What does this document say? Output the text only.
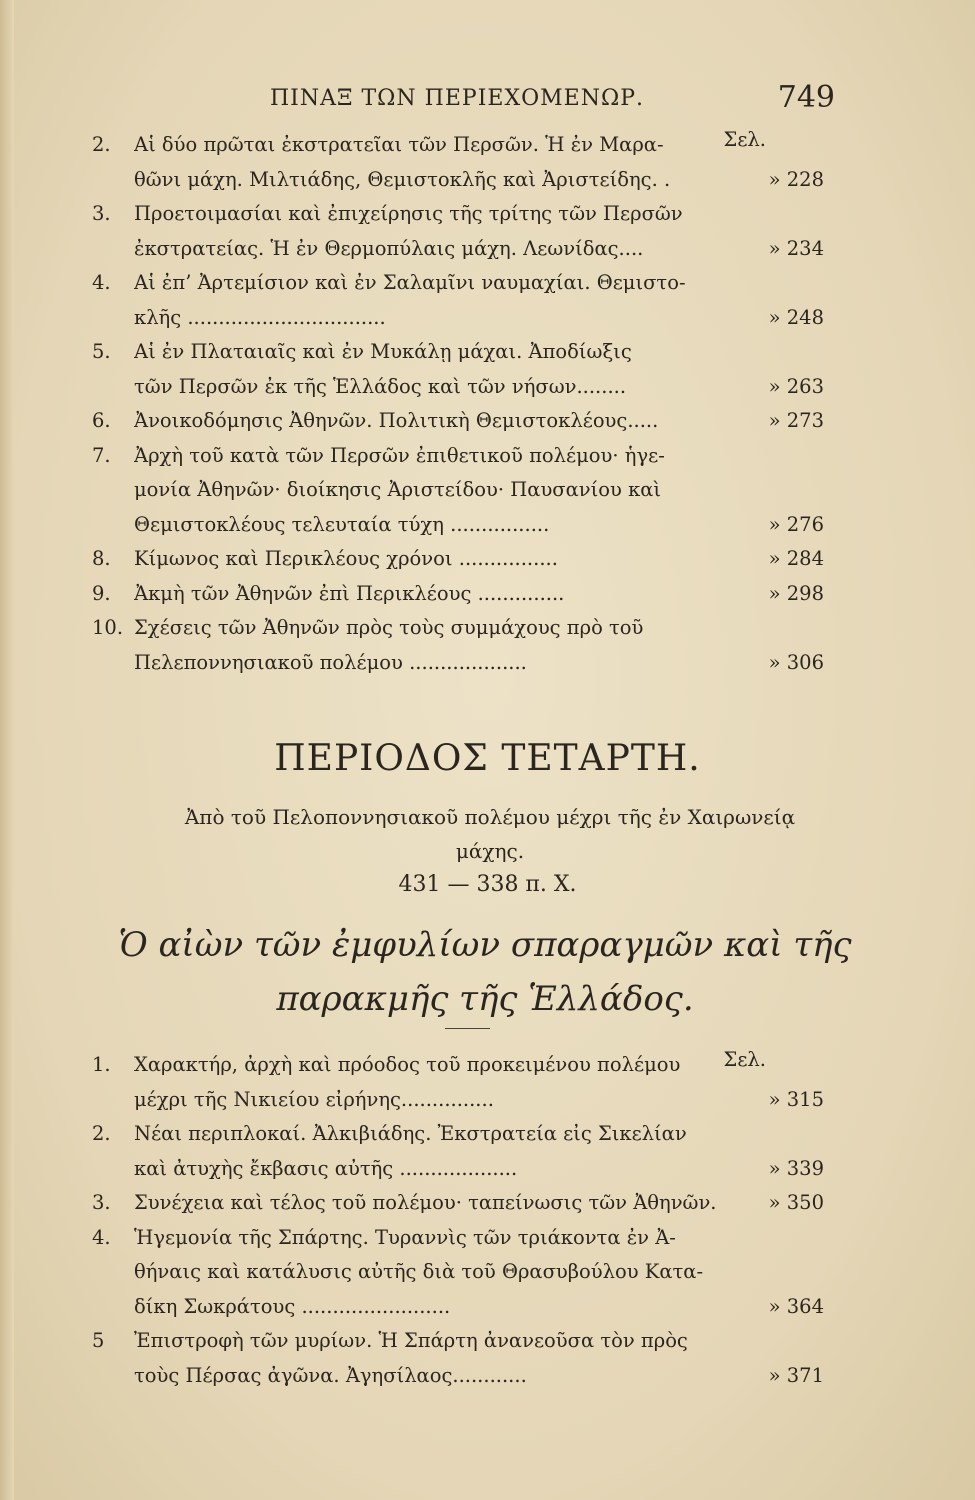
ΠΙΝΑΞ ΤΩΝ ΠΕΡΙΕΧΟΜΕΝΩΡ.	749
Σελ.
2.	Αἱ δύο πρῶται ἐκστρατεῖαι τῶν Περσῶν. Ἡ ἐν Μαρα-
θῶνι μάχη. Μιλτιάδης, Θεμιστοκλῆς καὶ Ἀριστείδης. .	» 228
3.	Προετοιμασίαι καὶ ἐπιχείρησις τῆς τρίτης τῶν Περσῶν
ἐκστρατείας. Ἡ ἐν Θερμοπύλαις μάχη. Λεωνίδας....	» 234
4.	Αἱ ἐπ’ Ἀρτεμίσιον καὶ ἐν Σαλαμῖνι ναυμαχίαι. Θεμιστο-
κλῆς ................................	» 248
5.	Αἱ ἐν Πλαταιαῖς καὶ ἐν Μυκάλῃ μάχαι. Ἀποδίωξις
τῶν Περσῶν ἐκ τῆς Ἑλλάδος καὶ τῶν νήσων........	» 263
6.	Ἀνοικοδόμησις Ἀθηνῶν. Πολιτικὴ Θεμιστοκλέους.....	» 273
7.	Ἀρχὴ τοῦ κατὰ τῶν Περσῶν ἐπιθετικοῦ πολέμου· ἡγε-
μονία Ἀθηνῶν· διοίκησις Ἀριστείδου· Παυσανίου καὶ
Θεμιστοκλέους τελευταία τύχη ................	» 276
8.	Κίμωνος καὶ Περικλέους χρόνοι ................	» 284
9.	Ἀκμὴ τῶν Ἀθηνῶν ἐπὶ Περικλέους ..............	» 298
10. Σχέσεις τῶν Ἀθηνῶν πρὸς τοὺς συμμάχους πρὸ τοῦ
Πελεποννησιακοῦ πολέμου ...................	» 306
ΠΕΡΙΟΔΟΣ ΤΕΤΑΡΤΗ.
Ἀπὸ τοῦ Πελοποννησιακοῦ πολέμου μέχρι τῆς ἐν Χαιρωνείᾳ μάχης.
431 — 338 π. Χ.
Ὁ αἰὼν τῶν ἐμφυλίων σπαραγμῶν καὶ τῆς παρακμῆς τῆς Ἑλλάδος.
Σελ.
1.	Χαρακτήρ, ἀρχὴ καὶ πρόοδος τοῦ προκειμένου πολέμου
μέχρι τῆς Νικιείου εἰρήνης...............	» 315
2.	Νέαι περιπλοκαί. Ἀλκιβιάδης. Ἐκστρατεία εἰς Σικελίαν
καὶ ἀτυχὴς ἔκβασις αὐτῆς ...................	» 339
3.	Συνέχεια καὶ τέλος τοῦ πολέμου· ταπείνωσις τῶν Ἀθηνῶν.	» 350
4.	Ἡγεμονία τῆς Σπάρτης. Τυραννὶς τῶν τριάκοντα ἐν Ἀ-
θήναις καὶ κατάλυσις αὐτῆς διὰ τοῦ Θρασυβούλου Κατα-
δίκη Σωκράτους ........................	» 364
5	Ἐπιστροφὴ τῶν μυρίων. Ἡ Σπάρτη ἀνανεοῦσα τὸν πρὸς
τοὺς Πέρσας ἀγῶνα. Ἀγησίλαος............	» 371
